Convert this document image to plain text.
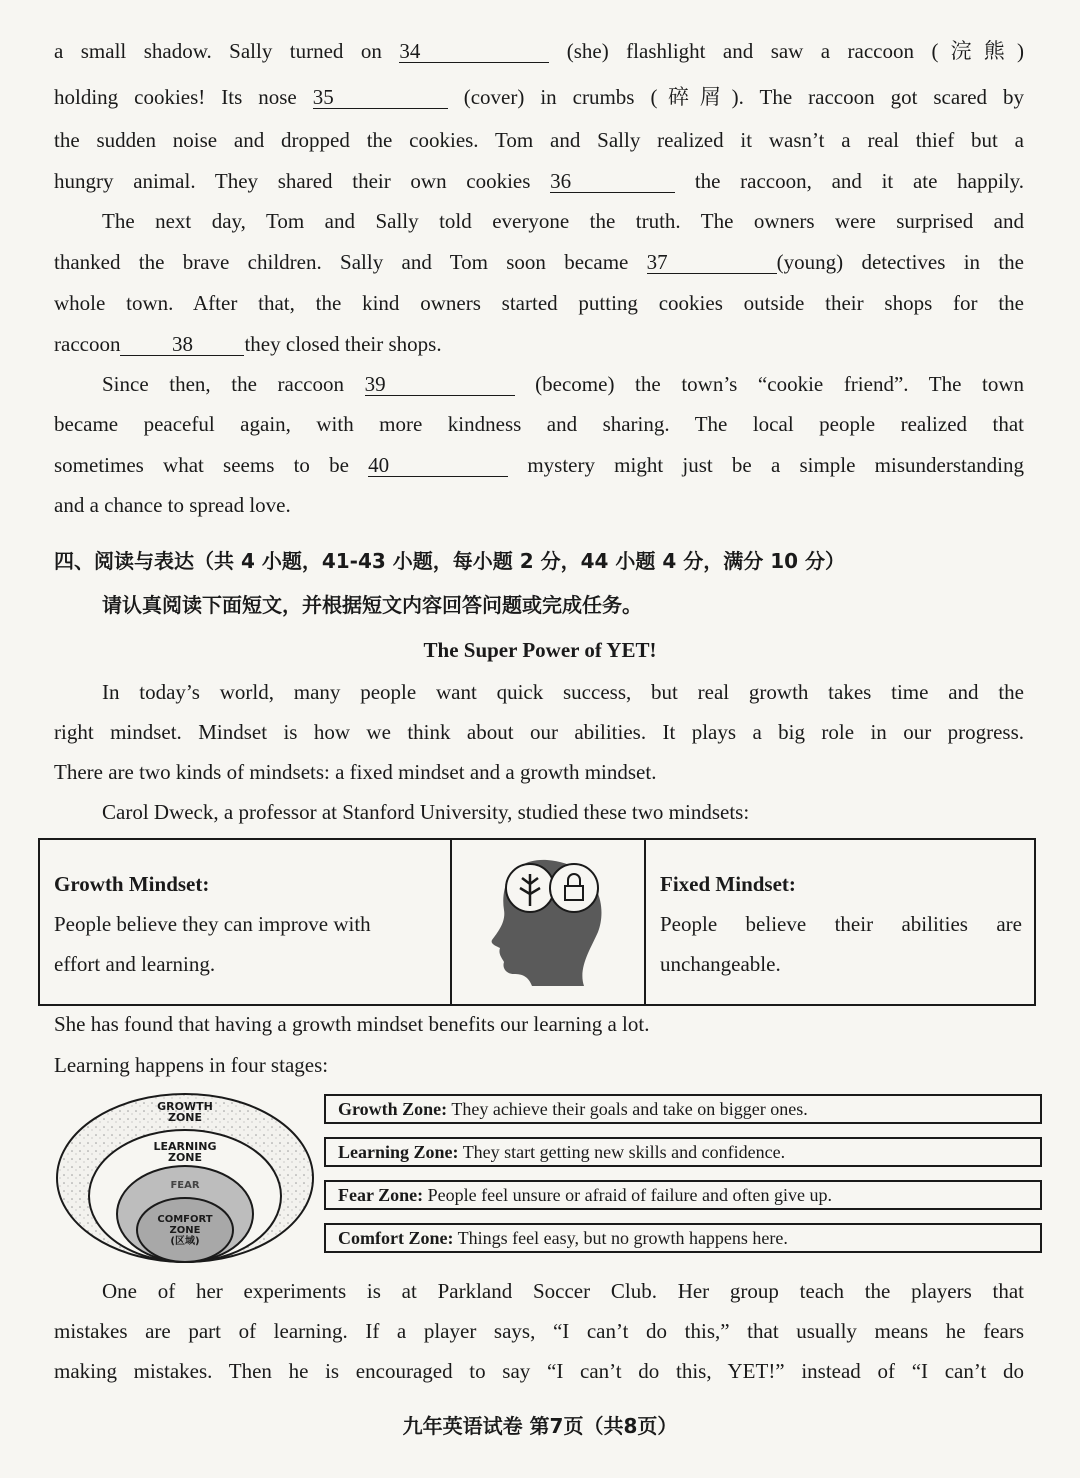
a small shadow. Sally turned on 34	(she) flashlight and saw a raccoon (浣熊)
holding cookies! Its nose 35	(cover) in crumbs (碎屑). The raccoon got scared by
the sudden noise and dropped the cookies. Tom and Sally realized it wasn’t a real thief but a
hungry animal. They shared their own cookies 36	the raccoon, and it ate happily.
The next day, Tom and Sally told everyone the truth. The owners were surprised and
thanked the brave children. Sally and Tom soon became 37	(young) detectives in the
whole town. After that, the kind owners started putting cookies outside their shops for the
raccoon 38 they closed their shops.
Since then, the raccoon 39	(become) the town’s “cookie friend”. The town
became peaceful again, with more kindness and sharing. The local people realized that
sometimes what seems to be 40	mystery might just be a simple misunderstanding
and a chance to spread love.
四、阅读与表达（共 4 小题，41-43 小题，每小题 2 分，44 小题 4 分，满分 10 分）
请认真阅读下面短文，并根据短文内容回答问题或完成任务。
The Super Power of YET!
In today’s world, many people want quick success, but real growth takes time and the
right mindset. Mindset is how we think about our abilities. It plays a big role in our progress.
There are two kinds of mindsets: a fixed mindset and a growth mindset.
Carol Dweck, a professor at Stanford University, studied these two mindsets:
Growth Mindset:
People believe they can improve with
effort and learning.
Fixed Mindset:
People believe their abilities are
unchangeable.
She has found that having a growth mindset benefits our learning a lot.
Learning happens in four stages:
GROWTH ZONE
LEARNING ZONE
FEAR
COMFORT ZONE (区域)
Growth Zone: They achieve their goals and take on bigger ones.
Learning Zone: They start getting new skills and confidence.
Fear Zone: People feel unsure or afraid of failure and often give up.
Comfort Zone: Things feel easy, but no growth happens here.
One of her experiments is at Parkland Soccer Club. Her group teach the players that
mistakes are part of learning. If a player says, “I can’t do this,” that usually means he fears
making mistakes. Then he is encouraged to say “I can’t do this, YET!” instead of “I can’t do
九年英语试卷 第7页（共8页）
